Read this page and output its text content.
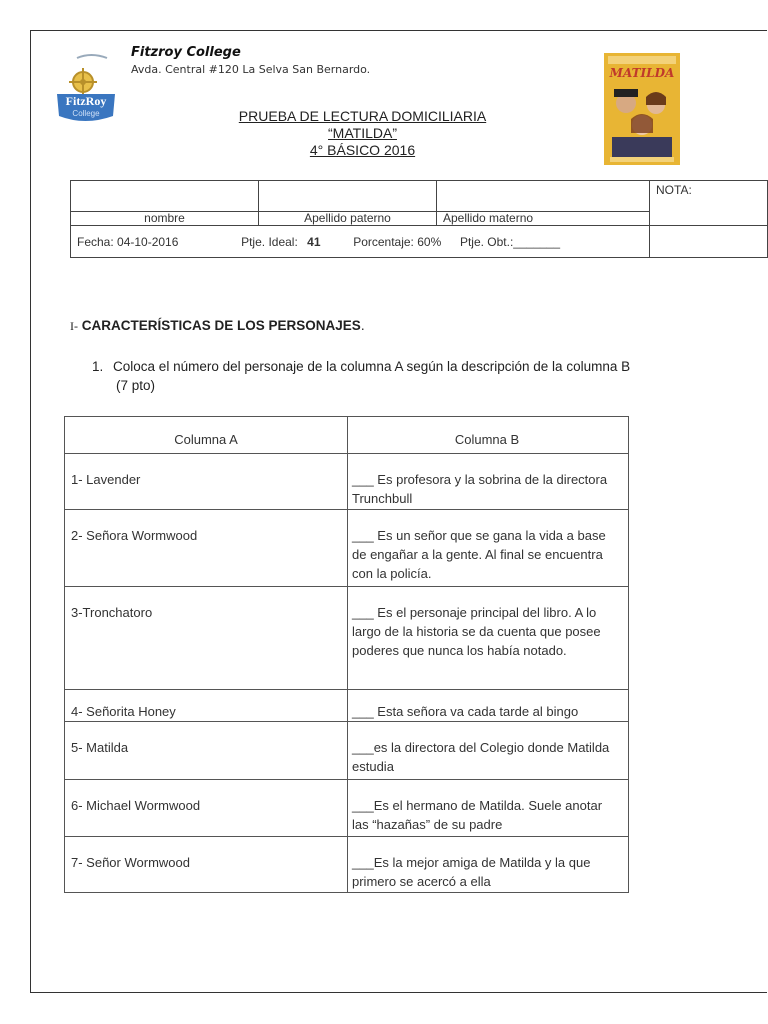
FitzRoy
College
Fitzroy College
Avda. Central #120 La Selva San Bernardo.
PRUEBA DE LECTURA DOMICILIARIA
“MATILDA”
4° BÁSICO 2016
MATILDA
			NOTA:
nombre	Apellido paterno	Apellido materno	
Fecha: 04-10-2016 Ptje. Ideal: 41 Porcentaje: 60% Ptje. Obt.:_______			
I- CARACTERÍSTICAS DE LOS PERSONAJES.
1. Coloca el número del personaje de la columna A según la descripción de la columna B
(7 pto)
Columna A	Columna B
1- Lavender	___ Es profesora y la sobrina de la directora Trunchbull
2- Señora Wormwood	___ Es un señor que se gana la vida a base de engañar a la gente. Al final se encuentra con la policía.
3-Tronchatoro	___ Es el personaje principal del libro. A lo largo de la historia se da cuenta que posee poderes que nunca los había notado.
4- Señorita Honey	___ Esta señora va cada tarde al bingo
5- Matilda	___es la directora del Colegio donde Matilda estudia
6- Michael Wormwood	___Es el hermano de Matilda. Suele anotar las “hazañas” de su padre
7- Señor Wormwood	___Es la mejor amiga de Matilda y la que primero se acercó a ella
